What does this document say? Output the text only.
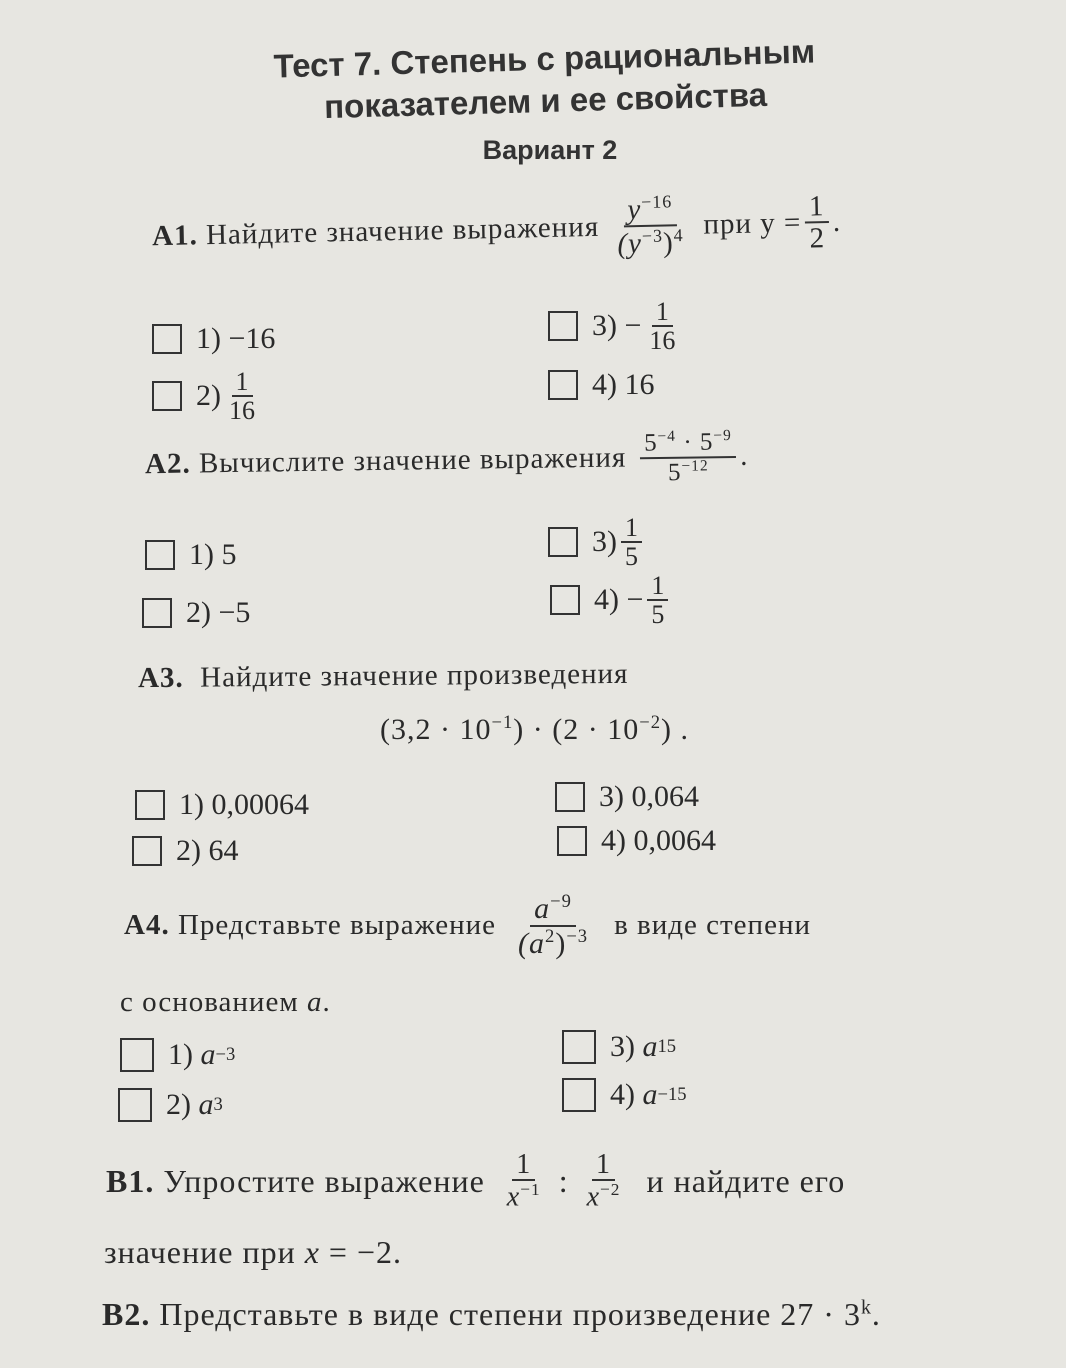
Тест 7. Степень с рациональным
показателем и ее свойства
Вариант 2
А1.
Найдите значение выражения $\frac{y^{-16}}{(y^{-3})^4}$ при $y = \frac{1}{2}$ .
1) −16
$2) \frac{1}{16}$
$3) - \frac{1}{16}$
4) 16
А2.
Вычислите значение выражения $\frac{5^{-4} \cdot 5^{-9}}{5^{-12}}$ .
1) 5
2) −5
$3) \frac{1}{5}$
$4) - \frac{1}{5}$
А3. Найдите значение произведения
$(3,2 \cdot 10^{-1}) \cdot (2 \cdot 10^{-2})$ .
1) 0,00064
2) 64
3) 0,064
4) 0,0064
А4.
Представьте выражение $\frac{a^{-9}}{(a^2)^{-3}}$ в виде степени
с основанием a.
1)
a −3
2)
a 3
3)
a 15
4)
a −15
В1.
Упростите выражение $\frac{1}{x^{-1}}$ : $\frac{1}{x^{-2}}$ и найдите его
значение при x = −2.
В2. Представьте в виде степени произведение $27 \cdot 3^k$.
